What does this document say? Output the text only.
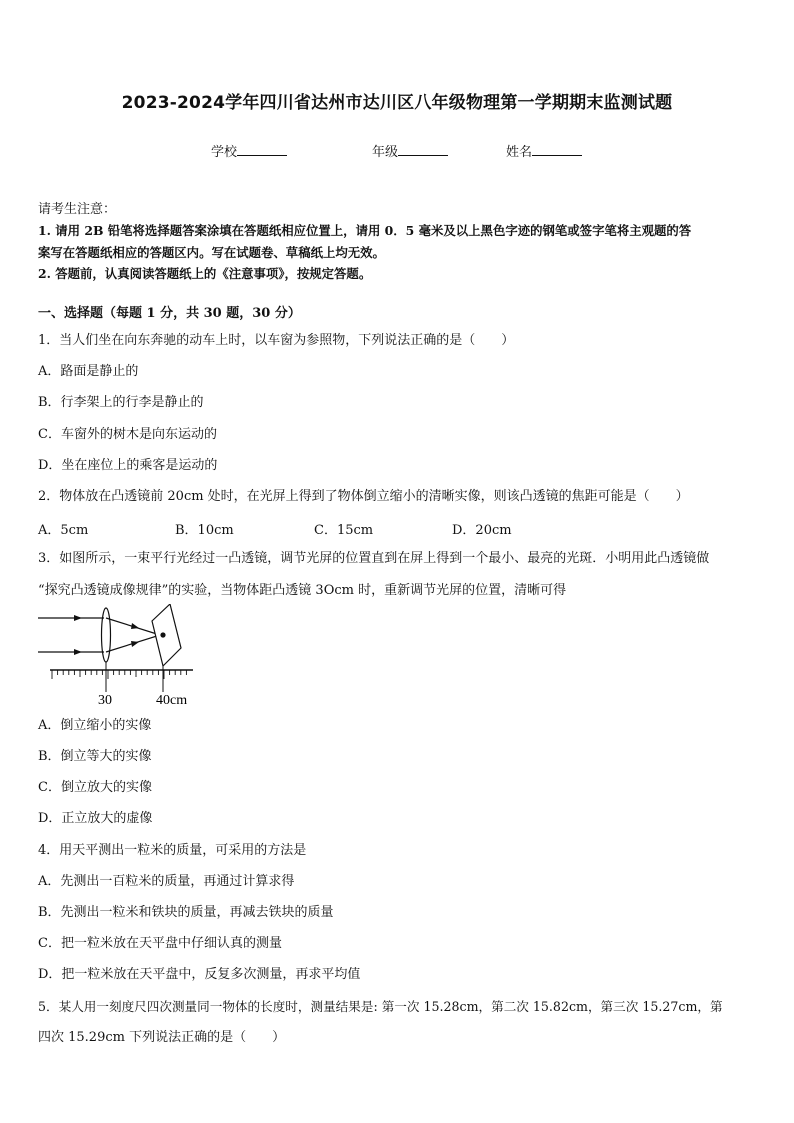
2023-2024学年四川省达州市达川区八年级物理第一学期期末监测试题
学校	年级	姓名
请考生注意：
1. 请用 2B 铅笔将选择题答案涂填在答题纸相应位置上，请用 0．5 毫米及以上黑色字迹的钢笔或签字笔将主观题的答
案写在答题纸相应的答题区内。写在试题卷、草稿纸上均无效。
2. 答题前，认真阅读答题纸上的《注意事项》，按规定答题。
一、选择题（每题 1 分，共 30 题，30 分）
1．当人们坐在向东奔驰的动车上时，以车窗为参照物，下列说法正确的是（　　）
A．路面是静止的
B．行李架上的行李是静止的
C．车窗外的树木是向东运动的
D．坐在座位上的乘客是运动的
2．物体放在凸透镜前 20cm 处时，在光屏上得到了物体倒立缩小的清晰实像，则该凸透镜的焦距可能是（　　）
A．5cm	B．10cm	C．15cm	D．20cm
3．如图所示，一束平行光经过一凸透镜，调节光屏的位置直到在屏上得到一个最小、最亮的光斑．小明用此凸透镜做
“探究凸透镜成像规律”的实验，当物体距凸透镜 3Ocm 时，重新调节光屏的位置，清晰可得
30	40cm
A．倒立缩小的实像
B．倒立等大的实像
C．倒立放大的实像
D．正立放大的虚像
4．用天平测出一粒米的质量，可采用的方法是
A．先测出一百粒米的质量，再通过计算求得
B．先测出一粒米和铁块的质量，再减去铁块的质量
C．把一粒米放在天平盘中仔细认真的测量
D．把一粒米放在天平盘中，反复多次测量，再求平均值
5．某人用一刻度尺四次测量同一物体的长度时，测量结果是: 第一次 15.28cm，第二次 15.82cm，第三次 15.27cm，第
四次 15.29cm 下列说法正确的是（　　）
